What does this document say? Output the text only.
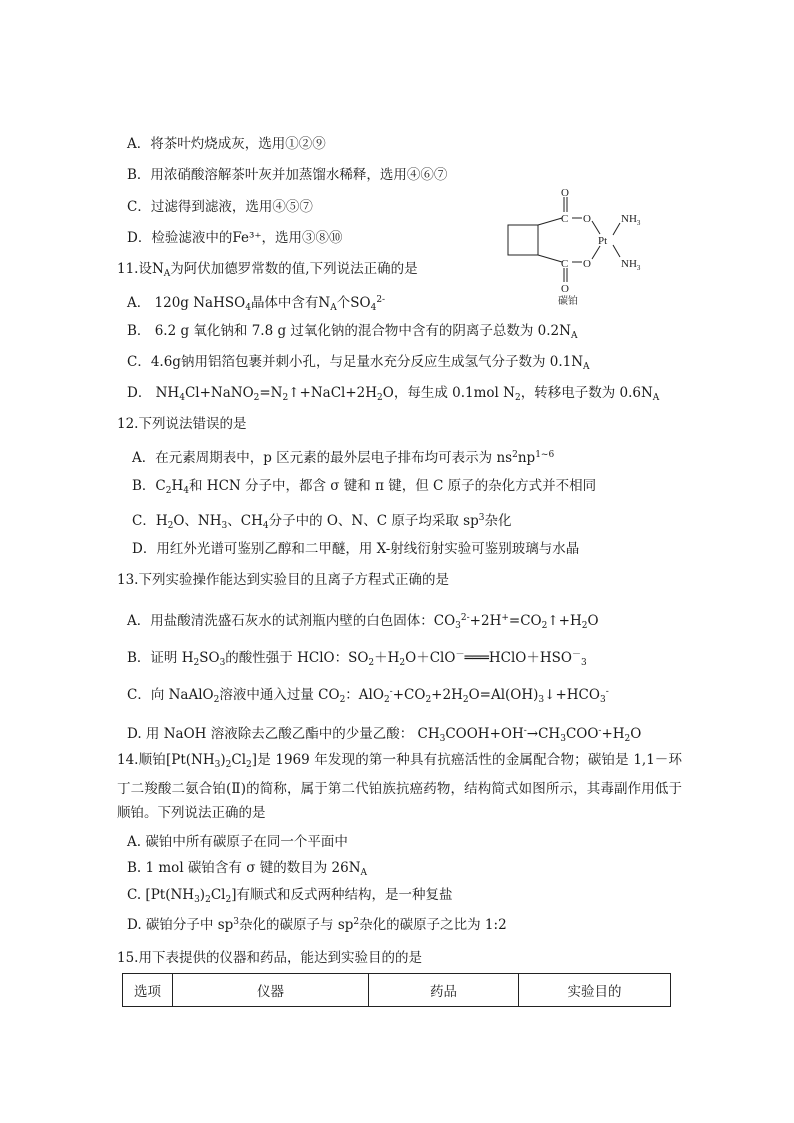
A．将茶叶灼烧成灰，选用①②⑨
B．用浓硝酸溶解茶叶灰并加蒸馏水稀释，选用④⑥⑦
C．过滤得到滤液，选用④⑤⑦
D．检验滤液中的Fe³⁺，选用③⑧⑩
O
C O	$NH_3$
Pt
$NH_3$
C O
O
碳铂
11.设$N_A$为阿伏加德罗常数的值,下列说法正确的是
A． 120g NaHSO$_4$晶体中含有$N_A$个$SO_4^{2-}$
B． 6.2 g 氧化钠和 7.8 g 过氧化钠的混合物中含有的阴离子总数为 $0.2N_A$
C．4.6g钠用铝箔包裹并刺小孔，与足量水充分反应生成氢气分子数为 $0.1N_A$
D． $NH_4Cl+NaNO_2=N_2↑+NaCl+2H_2O$，每生成 0.1mol $N_2$，转移电子数为 $0.6N_A$
12.下列说法错误的是
A．在元素周期表中，p 区元素的最外层电子排布均可表示为 $ns^2np^{1\sim 6}$
B．$C_2H_4$和 HCN 分子中，都含 σ 键和 π 键，但 C 原子的杂化方式并不相同
C．$H_2O$、$NH_3$、$CH_4$分子中的 O、N、C 原子均采取 $sp^3$杂化
D．用红外光谱可鉴别乙醇和二甲醚，用 X-射线衍射实验可鉴别玻璃与水晶
13.下列实验操作能达到实验目的且离子方程式正确的是
A．用盐酸清洗盛石灰水的试剂瓶内壁的白色固体：$CO_3^{2-}+2H^+=CO_2↑+H_2O$
B．证明 $H_2SO_3$的酸性强于 HClO：$SO_2+H_2O+ClO^-═══HClO+HSO^-_3$
C．向 NaAlO$_2$溶液中通入过量 $CO_2$：$AlO_2^-+CO_2+2H_2O=Al(OH)_3↓+HCO_3^-$
D. 用 NaOH 溶液除去乙酸乙酯中的少量乙酸： $CH_3COOH+OH^-\to CH_3COO^-+H_2O$
14.顺铂$[Pt(NH_3)_2Cl_2]$是 1969 年发现的第一种具有抗癌活性的金属配合物；碳铂是 1,1－环丁二羧酸二氨合铂(Ⅱ)的简称，属于第二代铂族抗癌药物，结构简式如图所示，其毒副作用低于顺铂。下列说法正确的是
A. 碳铂中所有碳原子在同一个平面中
B. 1 mol 碳铂含有 σ 键的数目为 $26N_A$
C. $[Pt(NH_3)_2Cl_2]$有顺式和反式两种结构，是一种复盐
D. 碳铂分子中 $sp^3$杂化的碳原子与 $sp^2$杂化的碳原子之比为 1:2
15.用下表提供的仪器和药品，能达到实验目的的是
选项	仪器	药品	实验目的
